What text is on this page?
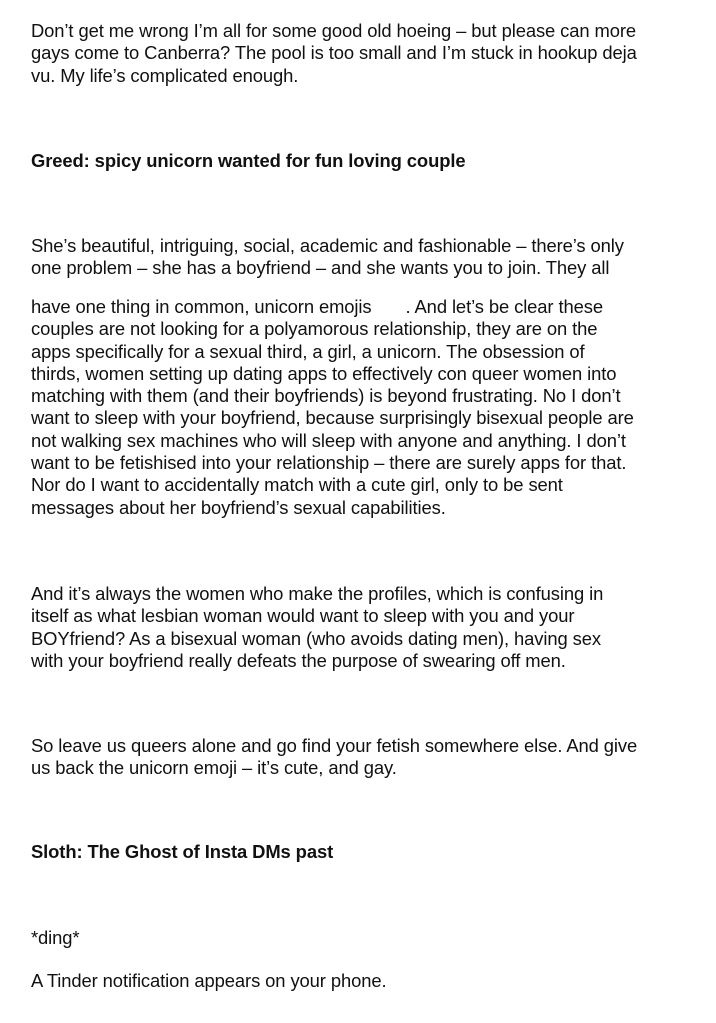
Don’t get me wrong I’m all for some good old hoeing – but please can more
gays come to Canberra? The pool is too small and I’m stuck in hookup deja
vu. My life’s complicated enough.

Greed: spicy unicorn wanted for fun loving couple

She’s beautiful, intriguing, social, academic and fashionable – there’s only
one problem – she has a boyfriend – and she wants you to join. They all

have one thing in common, unicorn emojis . And let’s be clear these
couples are not looking for a polyamorous relationship, they are on the
apps specifically for a sexual third, a girl, a unicorn. The obsession of
thirds, women setting up dating apps to effectively con queer women into
matching with them (and their boyfriends) is beyond frustrating. No I don’t
want to sleep with your boyfriend, because surprisingly bisexual people are
not walking sex machines who will sleep with anyone and anything. I don’t
want to be fetishised into your relationship – there are surely apps for that.
Nor do I want to accidentally match with a cute girl, only to be sent
messages about her boyfriend’s sexual capabilities.

And it’s always the women who make the profiles, which is confusing in
itself as what lesbian woman would want to sleep with you and your
BOYfriend? As a bisexual woman (who avoids dating men), having sex
with your boyfriend really defeats the purpose of swearing off men.

So leave us queers alone and go find your fetish somewhere else. And give
us back the unicorn emoji – it’s cute, and gay.

Sloth: The Ghost of Insta DMs past

*ding*

A Tinder notification appears on your phone.
